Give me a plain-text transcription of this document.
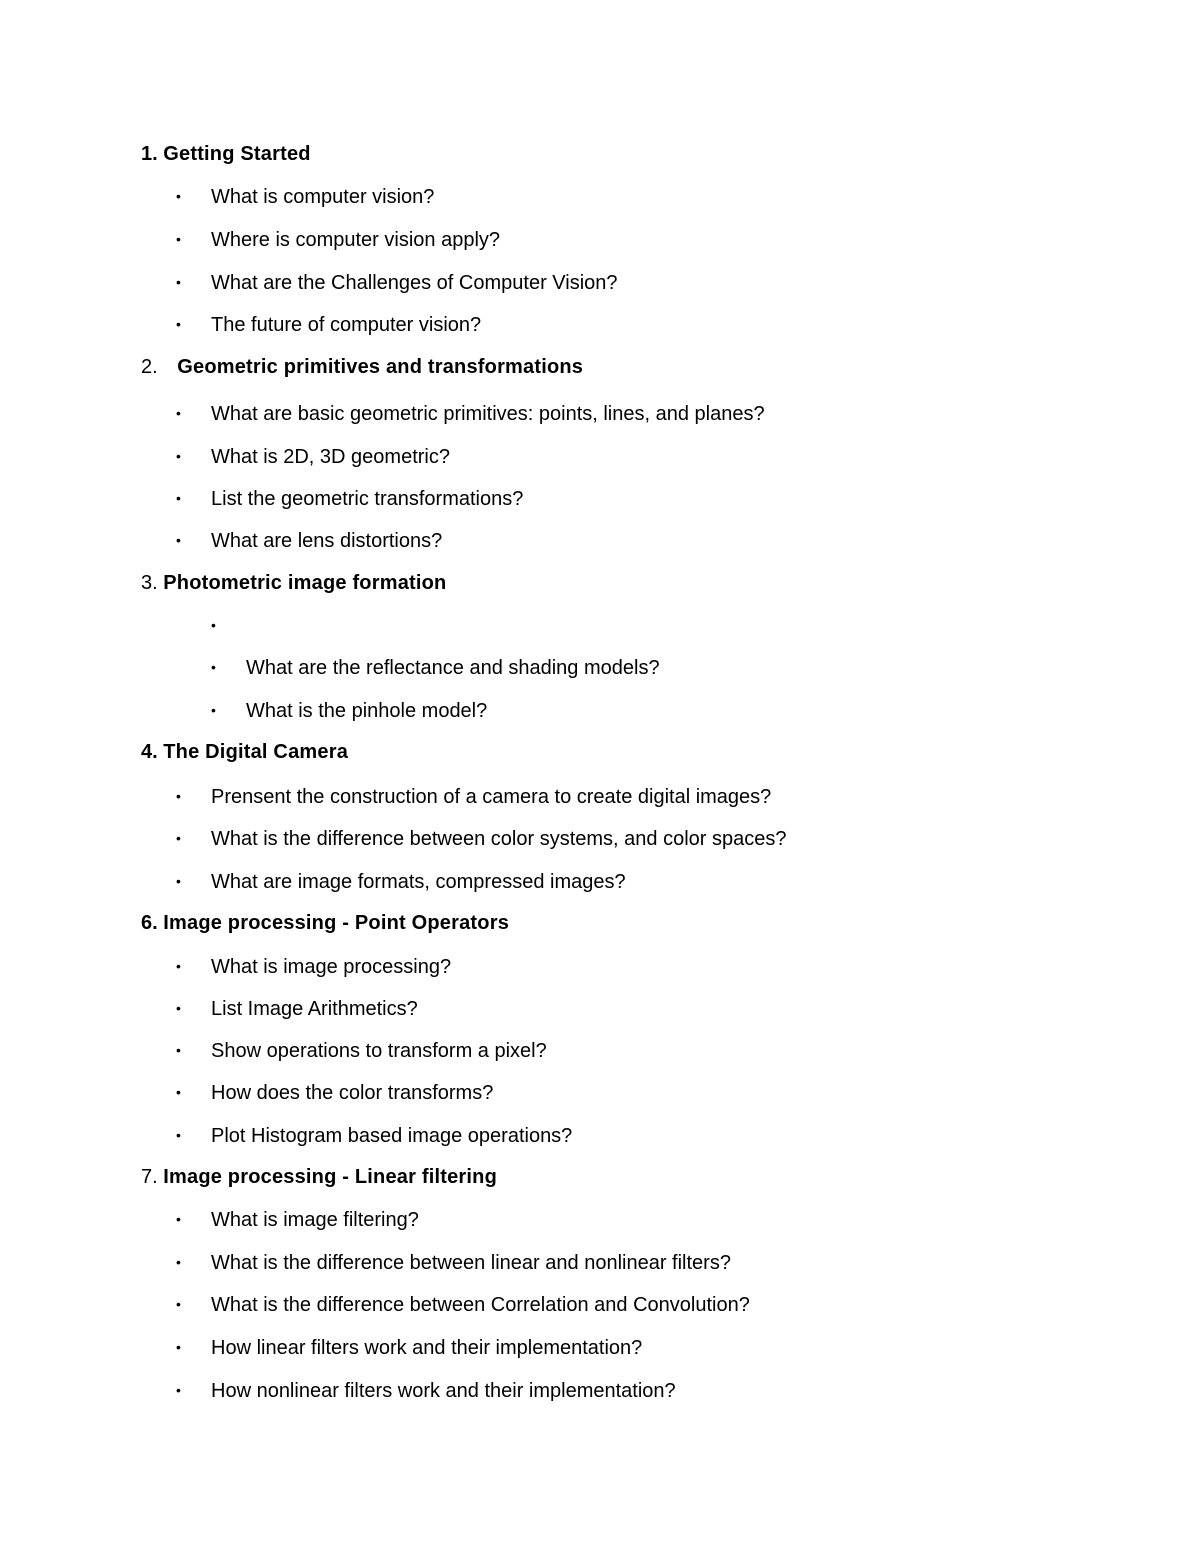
1. Getting Started
• What is computer vision?
• Where is computer vision apply?
• What are the Challenges of Computer Vision?
• The future of computer vision?
2. Geometric primitives and transformations
• What are basic geometric primitives: points, lines, and planes?
• What is 2D, 3D geometric?
• List the geometric transformations?
• What are lens distortions?
3. Photometric image formation
•
• What are the reflectance and shading models?
• What is the pinhole model?
4. The Digital Camera
• Prensent the construction of a camera to create digital images?
• What is the difference between color systems, and color spaces?
• What are image formats, compressed images?
6. Image processing - Point Operators
• What is image processing?
• List Image Arithmetics?
• Show operations to transform a pixel?
• How does the color transforms?
• Plot Histogram based image operations?
7. Image processing - Linear filtering
• What is image filtering?
• What is the difference between linear and nonlinear filters?
• What is the difference between Correlation and Convolution?
• How linear filters work and their implementation?
• How nonlinear filters work and their implementation?
